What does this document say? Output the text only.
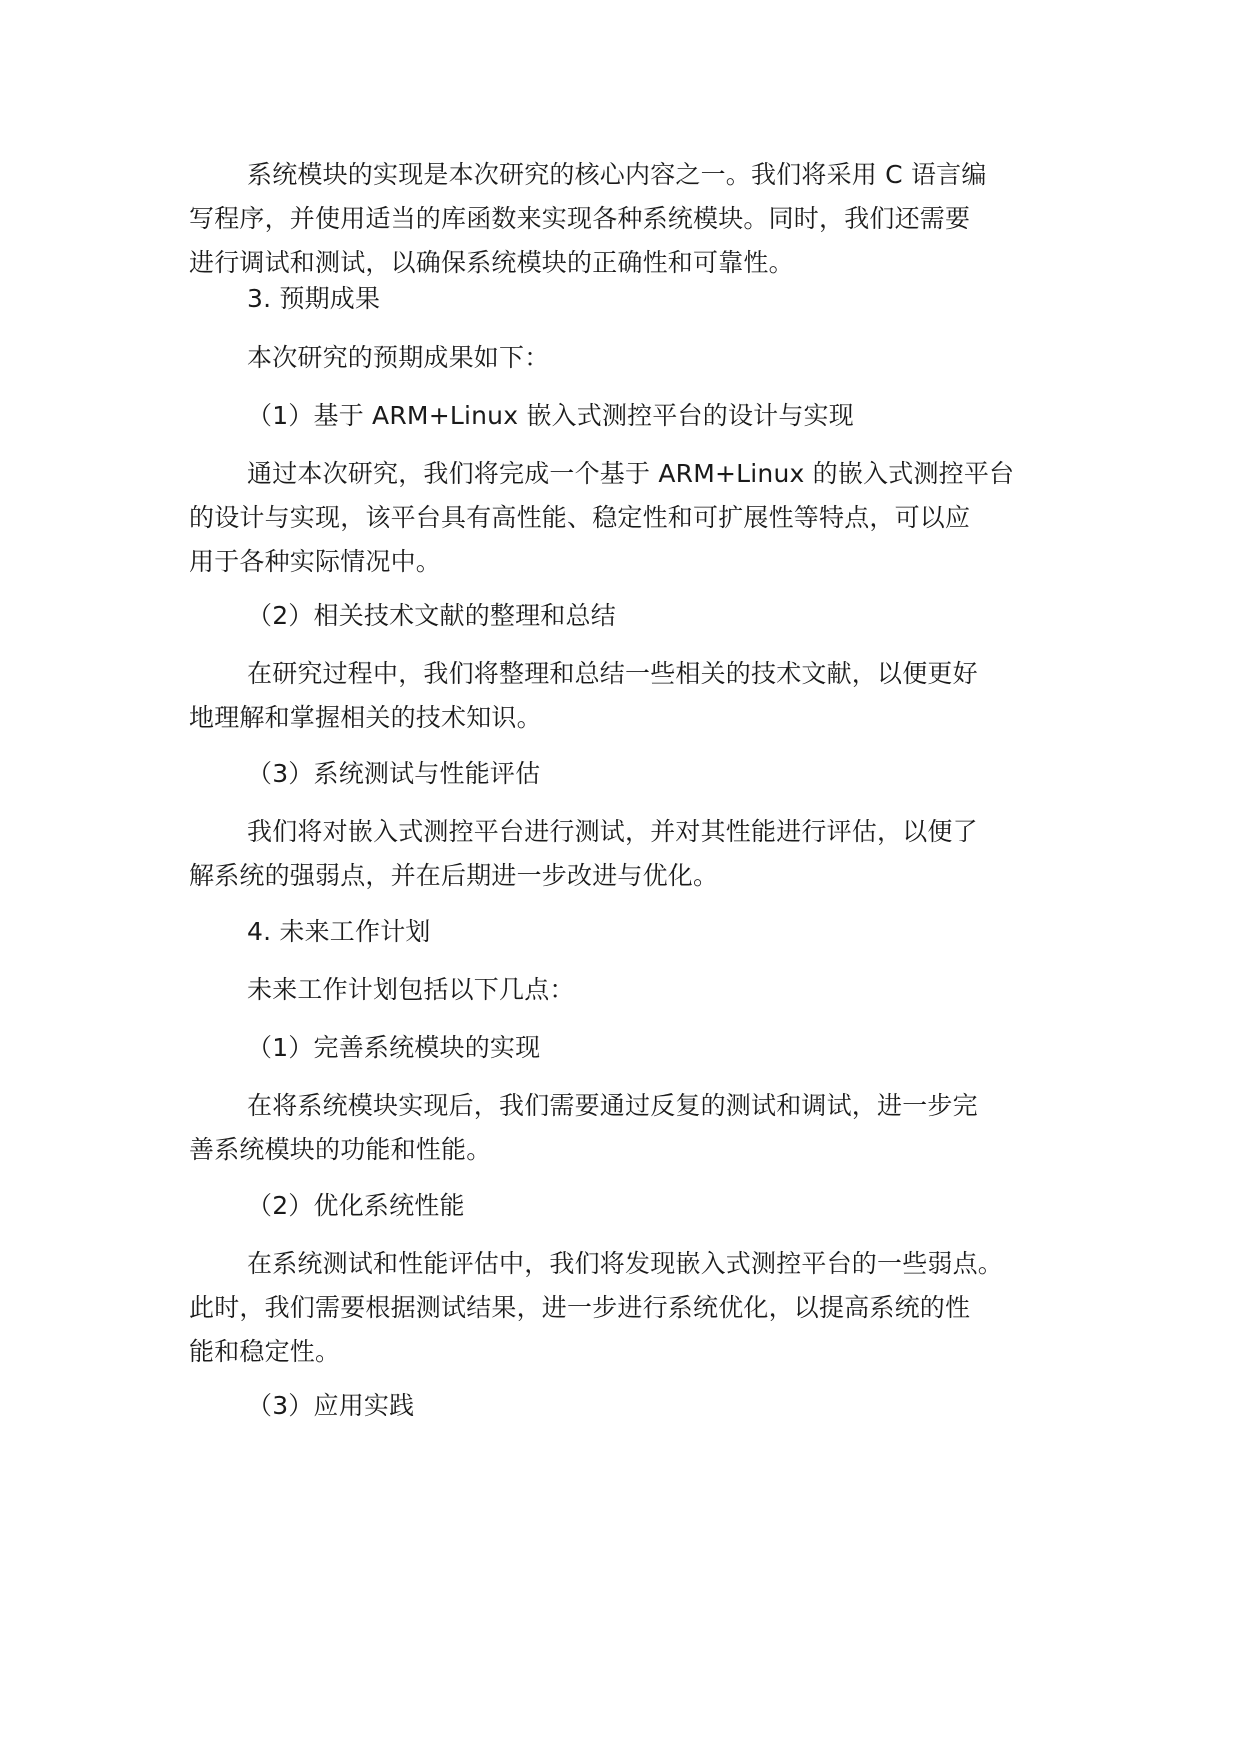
系统模块的实现是本次研究的核心内容之一。我们将采用 C 语言编
写程序，并使用适当的库函数来实现各种系统模块。同时，我们还需要
进行调试和测试，以确保系统模块的正确性和可靠性。

3. 预期成果

本次研究的预期成果如下：

（1）基于 ARM+Linux 嵌入式测控平台的设计与实现

通过本次研究，我们将完成一个基于 ARM+Linux 的嵌入式测控平台
的设计与实现，该平台具有高性能、稳定性和可扩展性等特点，可以应
用于各种实际情况中。

（2）相关技术文献的整理和总结

在研究过程中，我们将整理和总结一些相关的技术文献，以便更好
地理解和掌握相关的技术知识。

（3）系统测试与性能评估

我们将对嵌入式测控平台进行测试，并对其性能进行评估，以便了
解系统的强弱点，并在后期进一步改进与优化。

4. 未来工作计划

未来工作计划包括以下几点：

（1）完善系统模块的实现

在将系统模块实现后，我们需要通过反复的测试和调试，进一步完
善系统模块的功能和性能。

（2）优化系统性能

在系统测试和性能评估中，我们将发现嵌入式测控平台的一些弱点。
此时，我们需要根据测试结果，进一步进行系统优化，以提高系统的性
能和稳定性。

（3）应用实践
